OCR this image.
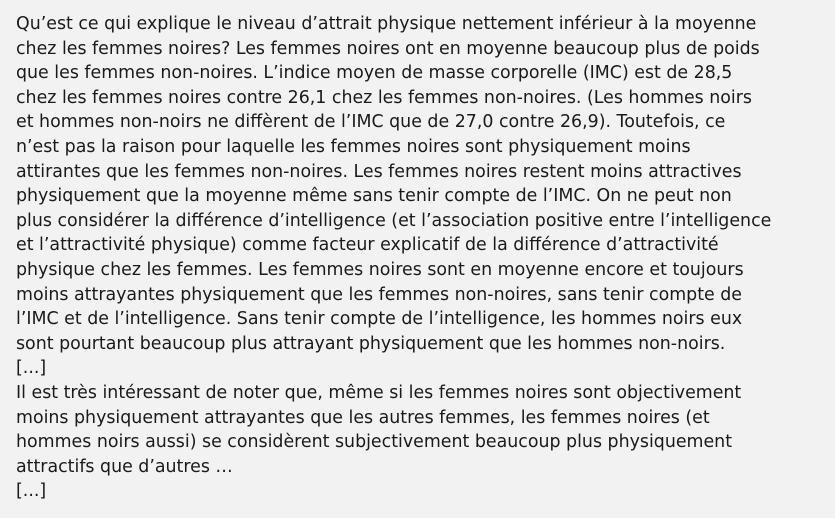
Qu’est ce qui explique le niveau d’attrait physique nettement inférieur à la moyenne
chez les femmes noires? Les femmes noires ont en moyenne beaucoup plus de poids
que les femmes non-noires. L’indice moyen de masse corporelle (IMC) est de 28,5
chez les femmes noires contre 26,1 chez les femmes non-noires. (Les hommes noirs
et hommes non-noirs ne diffèrent de l’IMC que de 27,0 contre 26,9). Toutefois, ce
n’est pas la raison pour laquelle les femmes noires sont physiquement moins
attirantes que les femmes non-noires. Les femmes noires restent moins attractives
physiquement que la moyenne même sans tenir compte de l’IMC. On ne peut non
plus considérer la différence d’intelligence (et l’association positive entre l’intelligence
et l’attractivité physique) comme facteur explicatif de la différence d’attractivité
physique chez les femmes. Les femmes noires sont en moyenne encore et toujours
moins attrayantes physiquement que les femmes non-noires, sans tenir compte de
l’IMC et de l’intelligence. Sans tenir compte de l’intelligence, les hommes noirs eux
sont pourtant beaucoup plus attrayant physiquement que les hommes non-noirs.
[...]
Il est très intéressant de noter que, même si les femmes noires sont objectivement
moins physiquement attrayantes que les autres femmes, les femmes noires (et
hommes noirs aussi) se considèrent subjectivement beaucoup plus physiquement
attractifs que d’autres …
[...]
